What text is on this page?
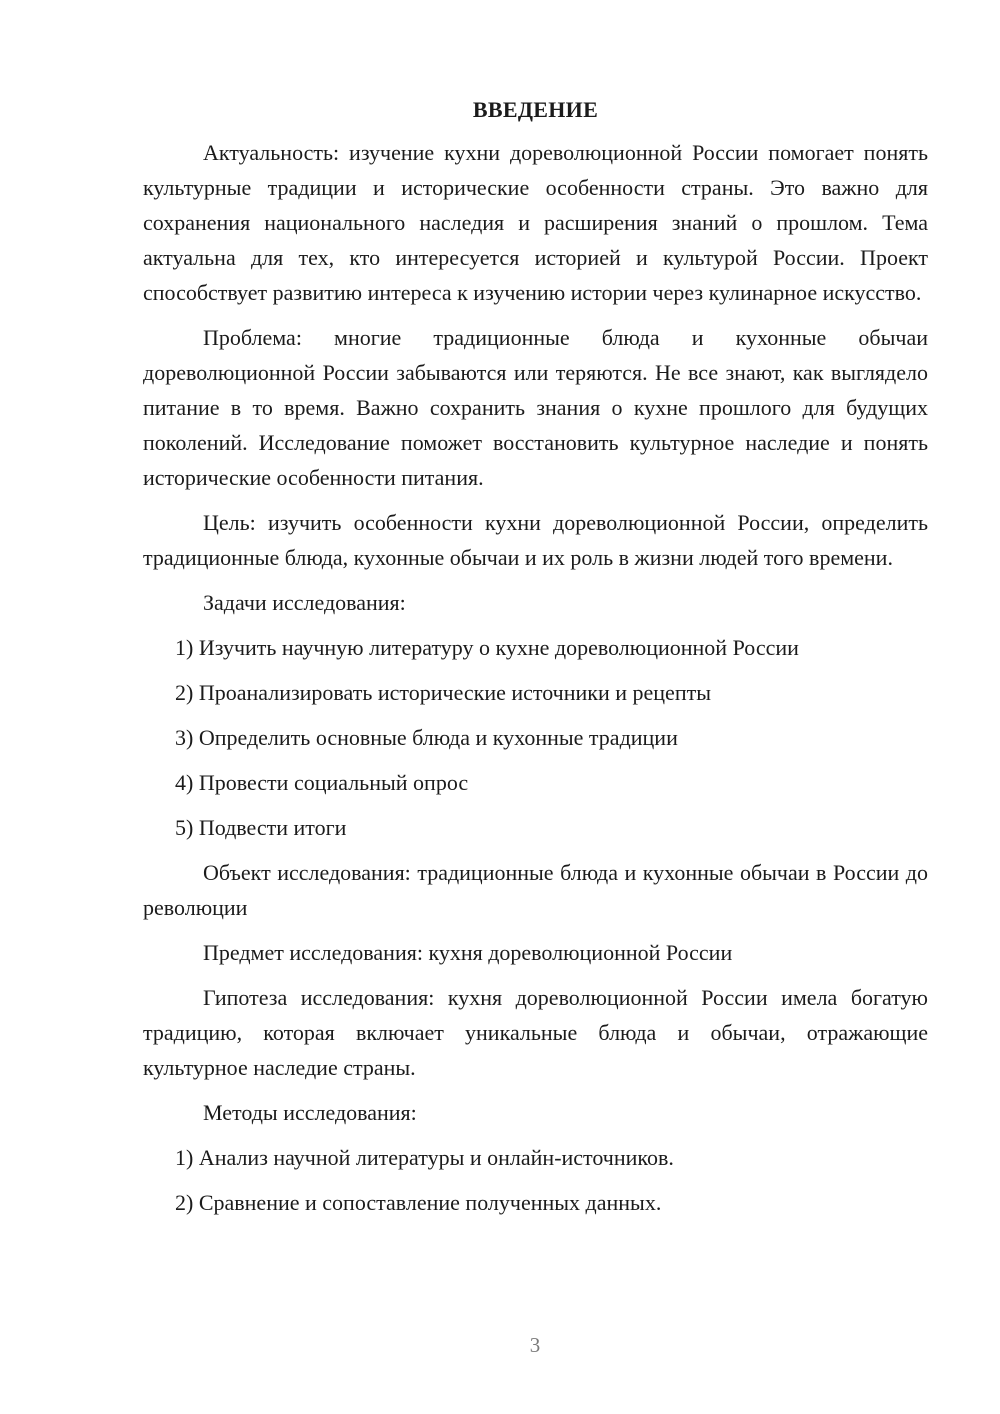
ВВЕДЕНИЕ

Актуальность: изучение кухни дореволюционной России помогает понять культурные традиции и исторические особенности страны. Это важно для сохранения национального наследия и расширения знаний о прошлом. Тема актуальна для тех, кто интересуется историей и культурой России. Проект способствует развитию интереса к изучению истории через кулинарное искусство.

Проблема: многие традиционные блюда и кухонные обычаи дореволюционной России забываются или теряются. Не все знают, как выглядело питание в то время. Важно сохранить знания о кухне прошлого для будущих поколений. Исследование поможет восстановить культурное наследие и понять исторические особенности питания.

Цель: изучить особенности кухни дореволюционной России, определить традиционные блюда, кухонные обычаи и их роль в жизни людей того времени.

Задачи исследования:

1) Изучить научную литературу о кухне дореволюционной России
2) Проанализировать исторические источники и рецепты
3) Определить основные блюда и кухонные традиции
4) Провести социальный опрос
5) Подвести итоги

Объект исследования: традиционные блюда и кухонные обычаи в России до революции

Предмет исследования: кухня дореволюционной России

Гипотеза исследования: кухня дореволюционной России имела богатую традицию, которая включает уникальные блюда и обычаи, отражающие культурное наследие страны.

Методы исследования:

1) Анализ научной литературы и онлайн-источников.
2) Сравнение и сопоставление полученных данных.
3
